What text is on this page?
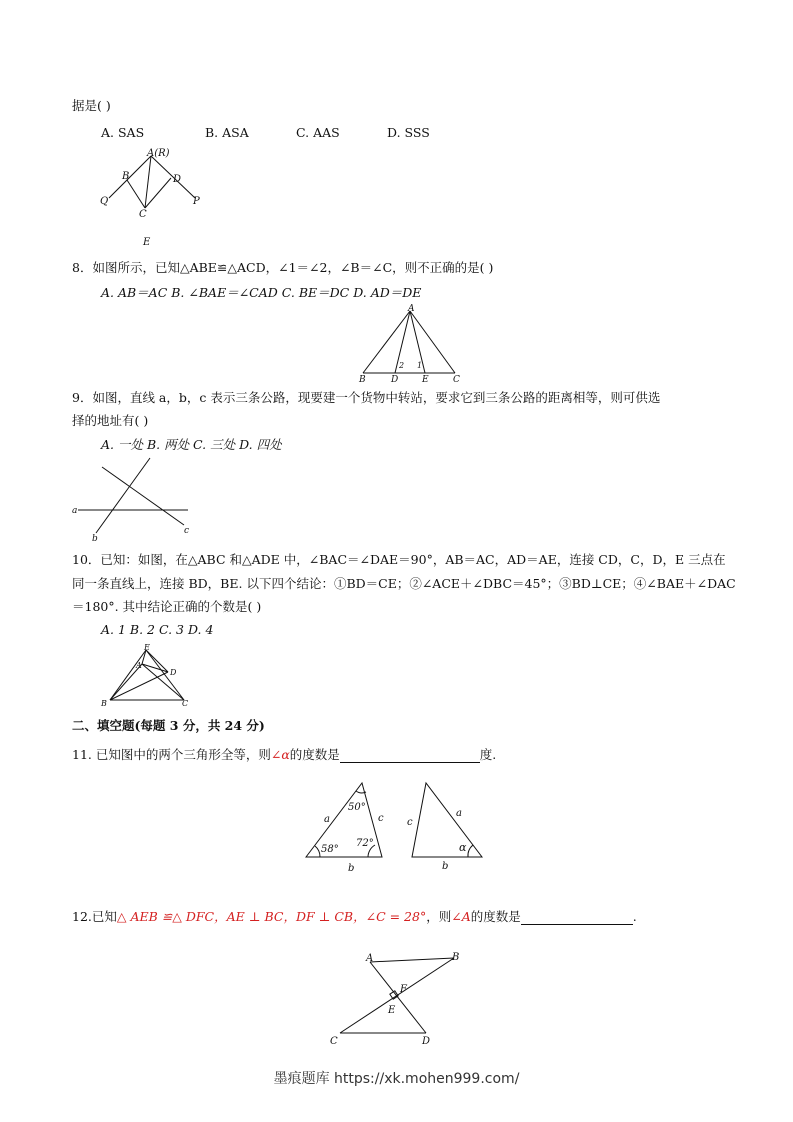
据是( )
A. SAS	B. ASA	C. AAS	D. SSS
A(R)
B	D
Q	P
C
E
8．如图所示，已知△ABE≌△ACD，∠1＝∠2，∠B＝∠C，则不正确的是( )
A. AB＝AC B. ∠BAE＝∠CAD C. BE＝DC D. AD＝DE
A
B	D	E	C
2 1
9．如图，直线 a，b，c 表示三条公路，现要建一个货物中转站，要求它到三条公路的距离相等，则可供选
择的地址有( )
A. 一处 B. 两处 C. 三处 D. 四处
a
b
c
10．已知：如图，在△ABC 和△ADE 中，∠BAC＝∠DAE＝90°，AB＝AC，AD＝AE，连接 CD，C，D，E 三点在
同一条直线上，连接 BD，BE. 以下四个结论：①BD＝CE；②∠ACE＋∠DBC＝45°；③BD⊥CE；④∠BAE＋∠DAC
＝180°. 其中结论正确的个数是( )
A. 1 B. 2 C. 3 D. 4
E
A
D
B	C
二、填空题(每题 3 分，共 24 分)
11. 已知图中的两个三角形全等，则∠α的度数是	度.
a	c
b
50°
58°
72°
c
a
b
α
12.已知△ AEB ≌△ DFC，AE ⊥ BC，DF ⊥ CB，∠C = 28°，则∠A的度数是	.
A	B
F
E
C	D
墨痕题库 https://xk.mohen999.com/
